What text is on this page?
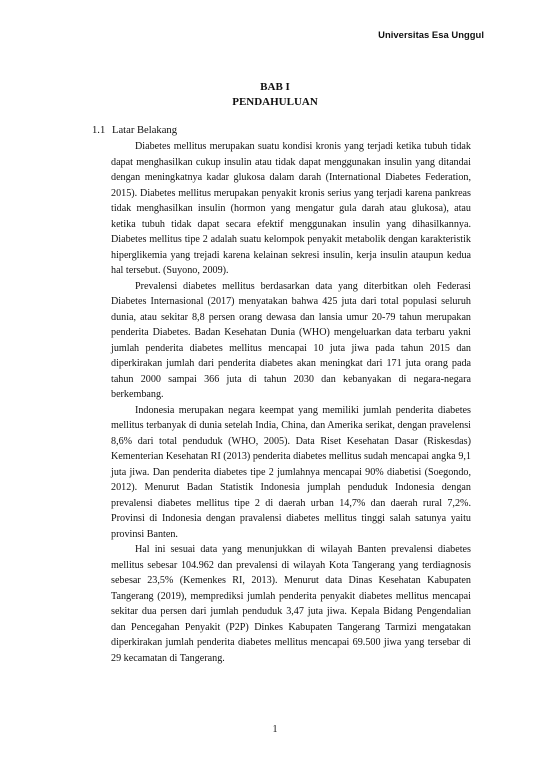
Universitas Esa Unggul
BAB I
PENDAHULUAN
1.1 Latar Belakang

Diabetes mellitus merupakan suatu kondisi kronis yang terjadi ketika tubuh tidak dapat menghasilkan cukup insulin atau tidak dapat menggunakan insulin yang ditandai dengan meningkatnya kadar glukosa dalam darah (International Diabetes Federation, 2015). Diabetes mellitus merupakan penyakit kronis serius yang terjadi karena pankreas tidak menghasilkan insulin (hormon yang mengatur gula darah atau glukosa), atau ketika tubuh tidak dapat secara efektif menggunakan insulin yang dihasilkannya. Diabetes mellitus tipe 2 adalah suatu kelompok penyakit metabolik dengan karakteristik hiperglikemia yang trejadi karena kelainan sekresi insulin, kerja insulin ataupun kedua hal tersebut. (Suyono, 2009).

Prevalensi diabetes mellitus berdasarkan data yang diterbitkan oleh Federasi Diabetes Internasional (2017) menyatakan bahwa 425 juta dari total populasi seluruh dunia, atau sekitar 8,8 persen orang dewasa dan lansia umur 20-79 tahun merupakan penderita Diabetes. Badan Kesehatan Dunia (WHO) mengeluarkan data terbaru yakni jumlah penderita diabetes mellitus mencapai 10 juta jiwa pada tahun 2015 dan diperkirakan jumlah dari penderita diabetes akan meningkat dari 171 juta orang pada tahun 2000 sampai 366 juta di tahun 2030 dan kebanyakan di negara-negara berkembang.

Indonesia merupakan negara keempat yang memiliki jumlah penderita diabetes mellitus terbanyak di dunia setelah India, China, dan Amerika serikat, dengan pravelensi 8,6% dari total penduduk (WHO, 2005). Data Riset Kesehatan Dasar (Riskesdas) Kementerian Kesehatan RI (2013) penderita diabetes mellitus sudah mencapai angka 9,1 juta jiwa. Dan penderita diabetes tipe 2 jumlahnya mencapai 90% diabetisi (Soegondo, 2012). Menurut Badan Statistik Indonesia jumplah penduduk Indonesia dengan prevalensi diabetes mellitus tipe 2 di daerah urban 14,7% dan daerah rural 7,2%. Provinsi di Indonesia dengan pravalensi diabetes mellitus tinggi salah satunya yaitu provinsi Banten.

Hal ini sesuai data yang menunjukkan di wilayah Banten prevalensi diabetes mellitus sebesar 104.962 dan prevalensi di wilayah Kota Tangerang yang terdiagnosis sebesar 23,5% (Kemenkes RI, 2013). Menurut data Dinas Kesehatan Kabupaten Tangerang (2019), memprediksi jumlah penderita penyakit diabetes mellitus mencapai sekitar dua persen dari jumlah penduduk 3,47 juta jiwa. Kepala Bidang Pengendalian dan Pencegahan Penyakit (P2P) Dinkes Kabupaten Tangerang Tarmizi mengatakan diperkirakan jumlah penderita diabetes mellitus mencapai 69.500 jiwa yang tersebar di 29 kecamatan di Tangerang.

1
